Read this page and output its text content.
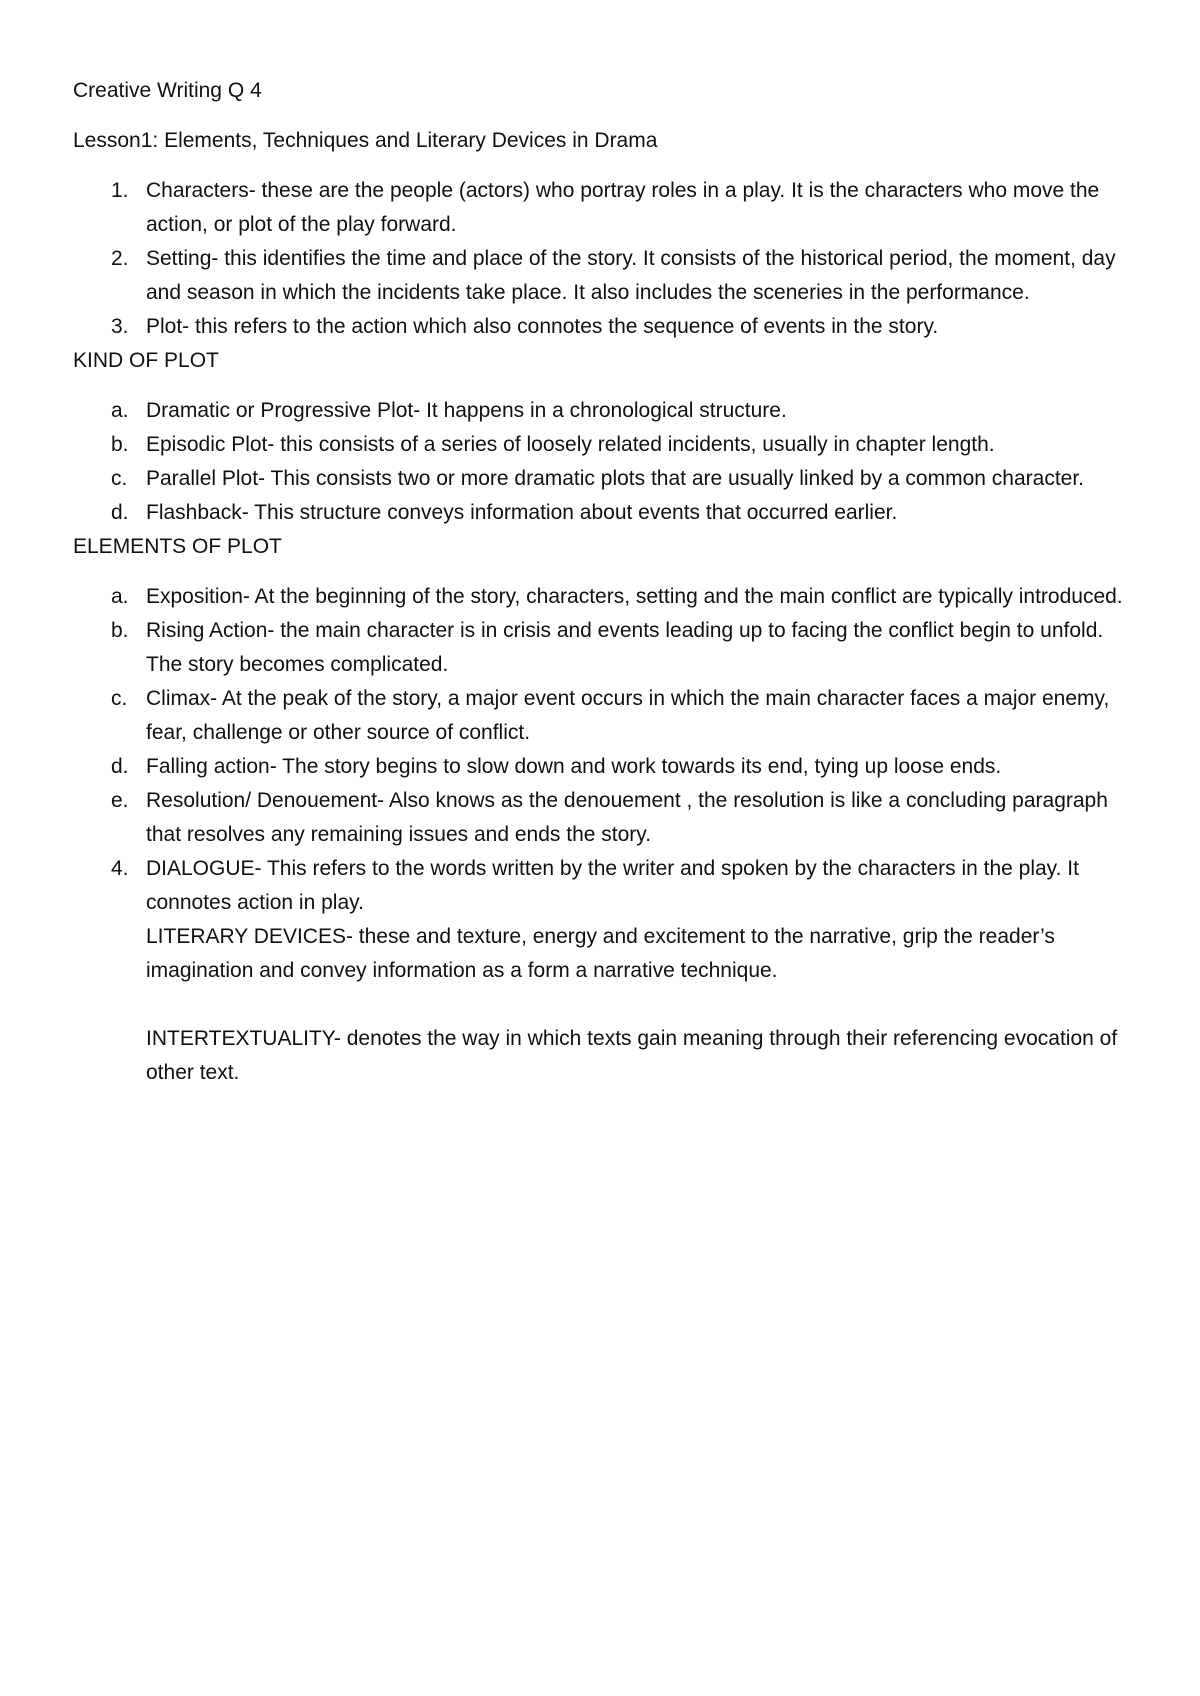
Creative Writing Q 4
Lesson1: Elements, Techniques and Literary Devices in Drama
1. Characters- these are the people (actors) who portray roles in a play. It is the characters who move the action, or plot of the play forward.
2. Setting- this identifies the time and place of the story. It consists of the historical period, the moment, day and season in which the incidents take place. It also includes the sceneries in the performance.
3. Plot- this refers to the action which also connotes the sequence of events in the story.
KIND OF PLOT
a. Dramatic or Progressive Plot- It happens in a chronological structure.
b. Episodic Plot- this consists of a series of loosely related incidents, usually in chapter length.
c. Parallel Plot- This consists two or more dramatic plots that are usually linked by a common character.
d. Flashback- This structure conveys information about events that occurred earlier.
ELEMENTS OF PLOT
a. Exposition- At the beginning of the story, characters, setting and the main conflict are typically introduced.
b. Rising Action- the main character is in crisis and events leading up to facing the conflict begin to unfold. The story becomes complicated.
c. Climax- At the peak of the story, a major event occurs in which the main character faces a major enemy, fear, challenge or other source of conflict.
d. Falling action- The story begins to slow down and work towards its end, tying up loose ends.
e. Resolution/ Denouement- Also knows as the denouement , the resolution is like a concluding paragraph that resolves any remaining issues and ends the story.
4. DIALOGUE- This refers to the words written by the writer and spoken by the characters in the play. It connotes action in play.

LITERARY DEVICES- these and texture, energy and excitement to the narrative, grip the reader’s imagination and convey information as a form a narrative technique.

INTERTEXTUALITY- denotes the way in which texts gain meaning through their referencing evocation of other text.
